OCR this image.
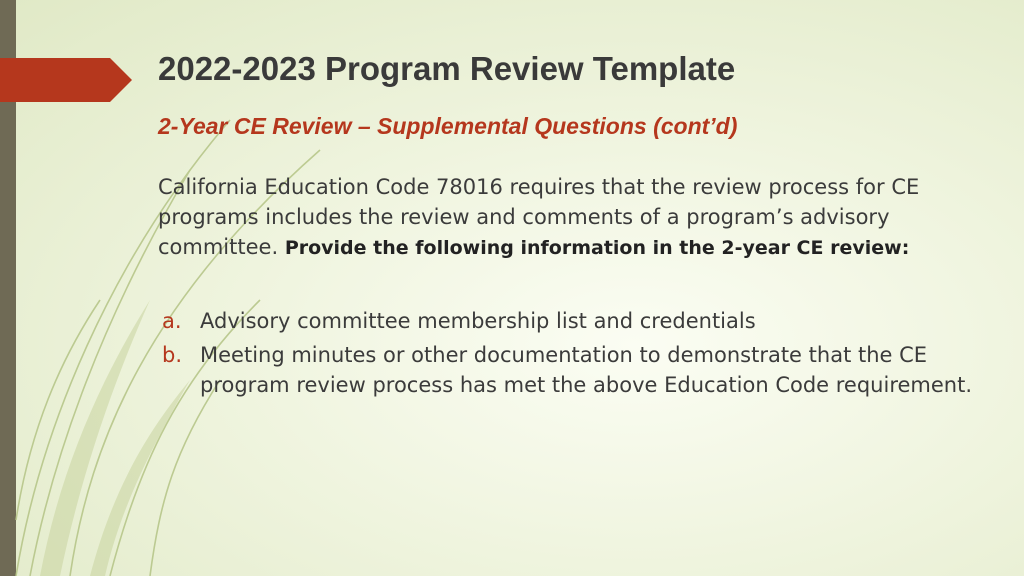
2022-2023 Program Review Template
2-Year CE Review – Supplemental Questions (cont’d)

California Education Code 78016 requires that the review process for CE programs includes the review and comments of a program’s advisory committee. Provide the following information in the 2-year CE review:

a. Advisory committee membership list and credentials
b. Meeting minutes or other documentation to demonstrate that the CE program review process has met the above Education Code requirement.
